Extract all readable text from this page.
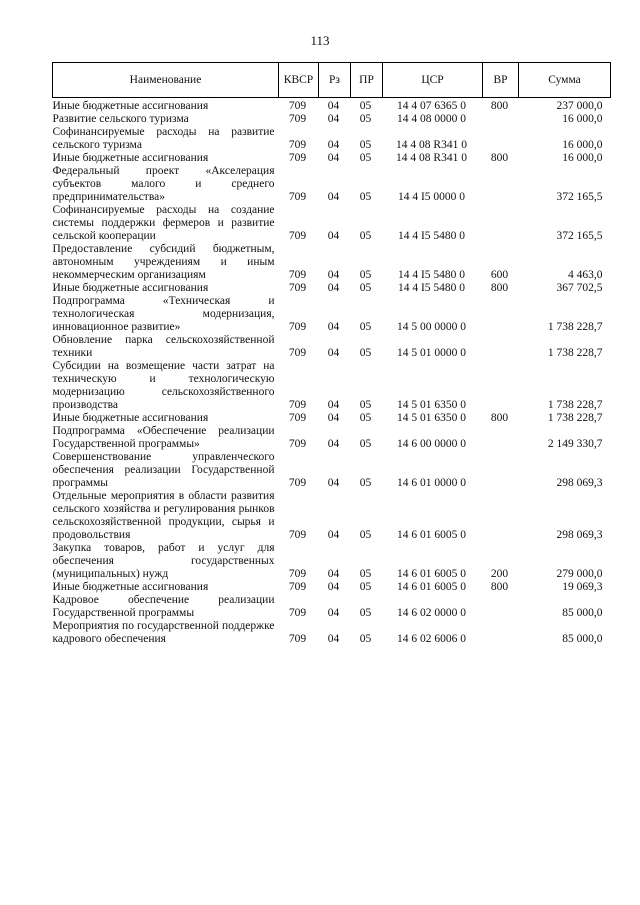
113
Наименование	КВСР	Рз	ПР	ЦСР	ВР	Сумма
Иные бюджетные ассигнования	709	04	05	14 4 07 6365 0	800	237 000,0
Развитие сельского туризма	709	04	05	14 4 08 0000 0		16 000,0
Софинансируемые расходы на развитие сельского туризма	709	04	05	14 4 08 R341 0		16 000,0
Иные бюджетные ассигнования	709	04	05	14 4 08 R341 0	800	16 000,0
Федеральный проект «Акселерация субъектов малого и среднего предпринимательства»	709	04	05	14 4 I5 0000 0		372 165,5
Софинансируемые расходы на создание системы поддержки фермеров и развитие сельской кооперации	709	04	05	14 4 I5 5480 0		372 165,5
Предоставление субсидий бюджетным, автономным учреждениям и иным некоммерческим организациям	709	04	05	14 4 I5 5480 0	600	4 463,0
Иные бюджетные ассигнования	709	04	05	14 4 I5 5480 0	800	367 702,5
Подпрограмма «Техническая и технологическая модернизация, инновационное развитие»	709	04	05	14 5 00 0000 0		1 738 228,7
Обновление парка сельскохозяйственной техники	709	04	05	14 5 01 0000 0		1 738 228,7
Субсидии на возмещение части затрат на техническую и технологическую модернизацию сельскохозяйственного производства	709	04	05	14 5 01 6350 0		1 738 228,7
Иные бюджетные ассигнования	709	04	05	14 5 01 6350 0	800	1 738 228,7
Подпрограмма «Обеспечение реализации Государственной программы»	709	04	05	14 6 00 0000 0		2 149 330,7
Совершенствование управленческого обеспечения реализации Государственной программы	709	04	05	14 6 01 0000 0		298 069,3
Отдельные мероприятия в области развития сельского хозяйства и регулирования рынков сельскохозяйственной продукции, сырья и продовольствия	709	04	05	14 6 01 6005 0		298 069,3
Закупка товаров, работ и услуг для обеспечения государственных (муниципальных) нужд	709	04	05	14 6 01 6005 0	200	279 000,0
Иные бюджетные ассигнования	709	04	05	14 6 01 6005 0	800	19 069,3
Кадровое обеспечение реализации Государственной программы	709	04	05	14 6 02 0000 0		85 000,0
Мероприятия по государственной поддержке кадрового обеспечения	709	04	05	14 6 02 6006 0		85 000,0
